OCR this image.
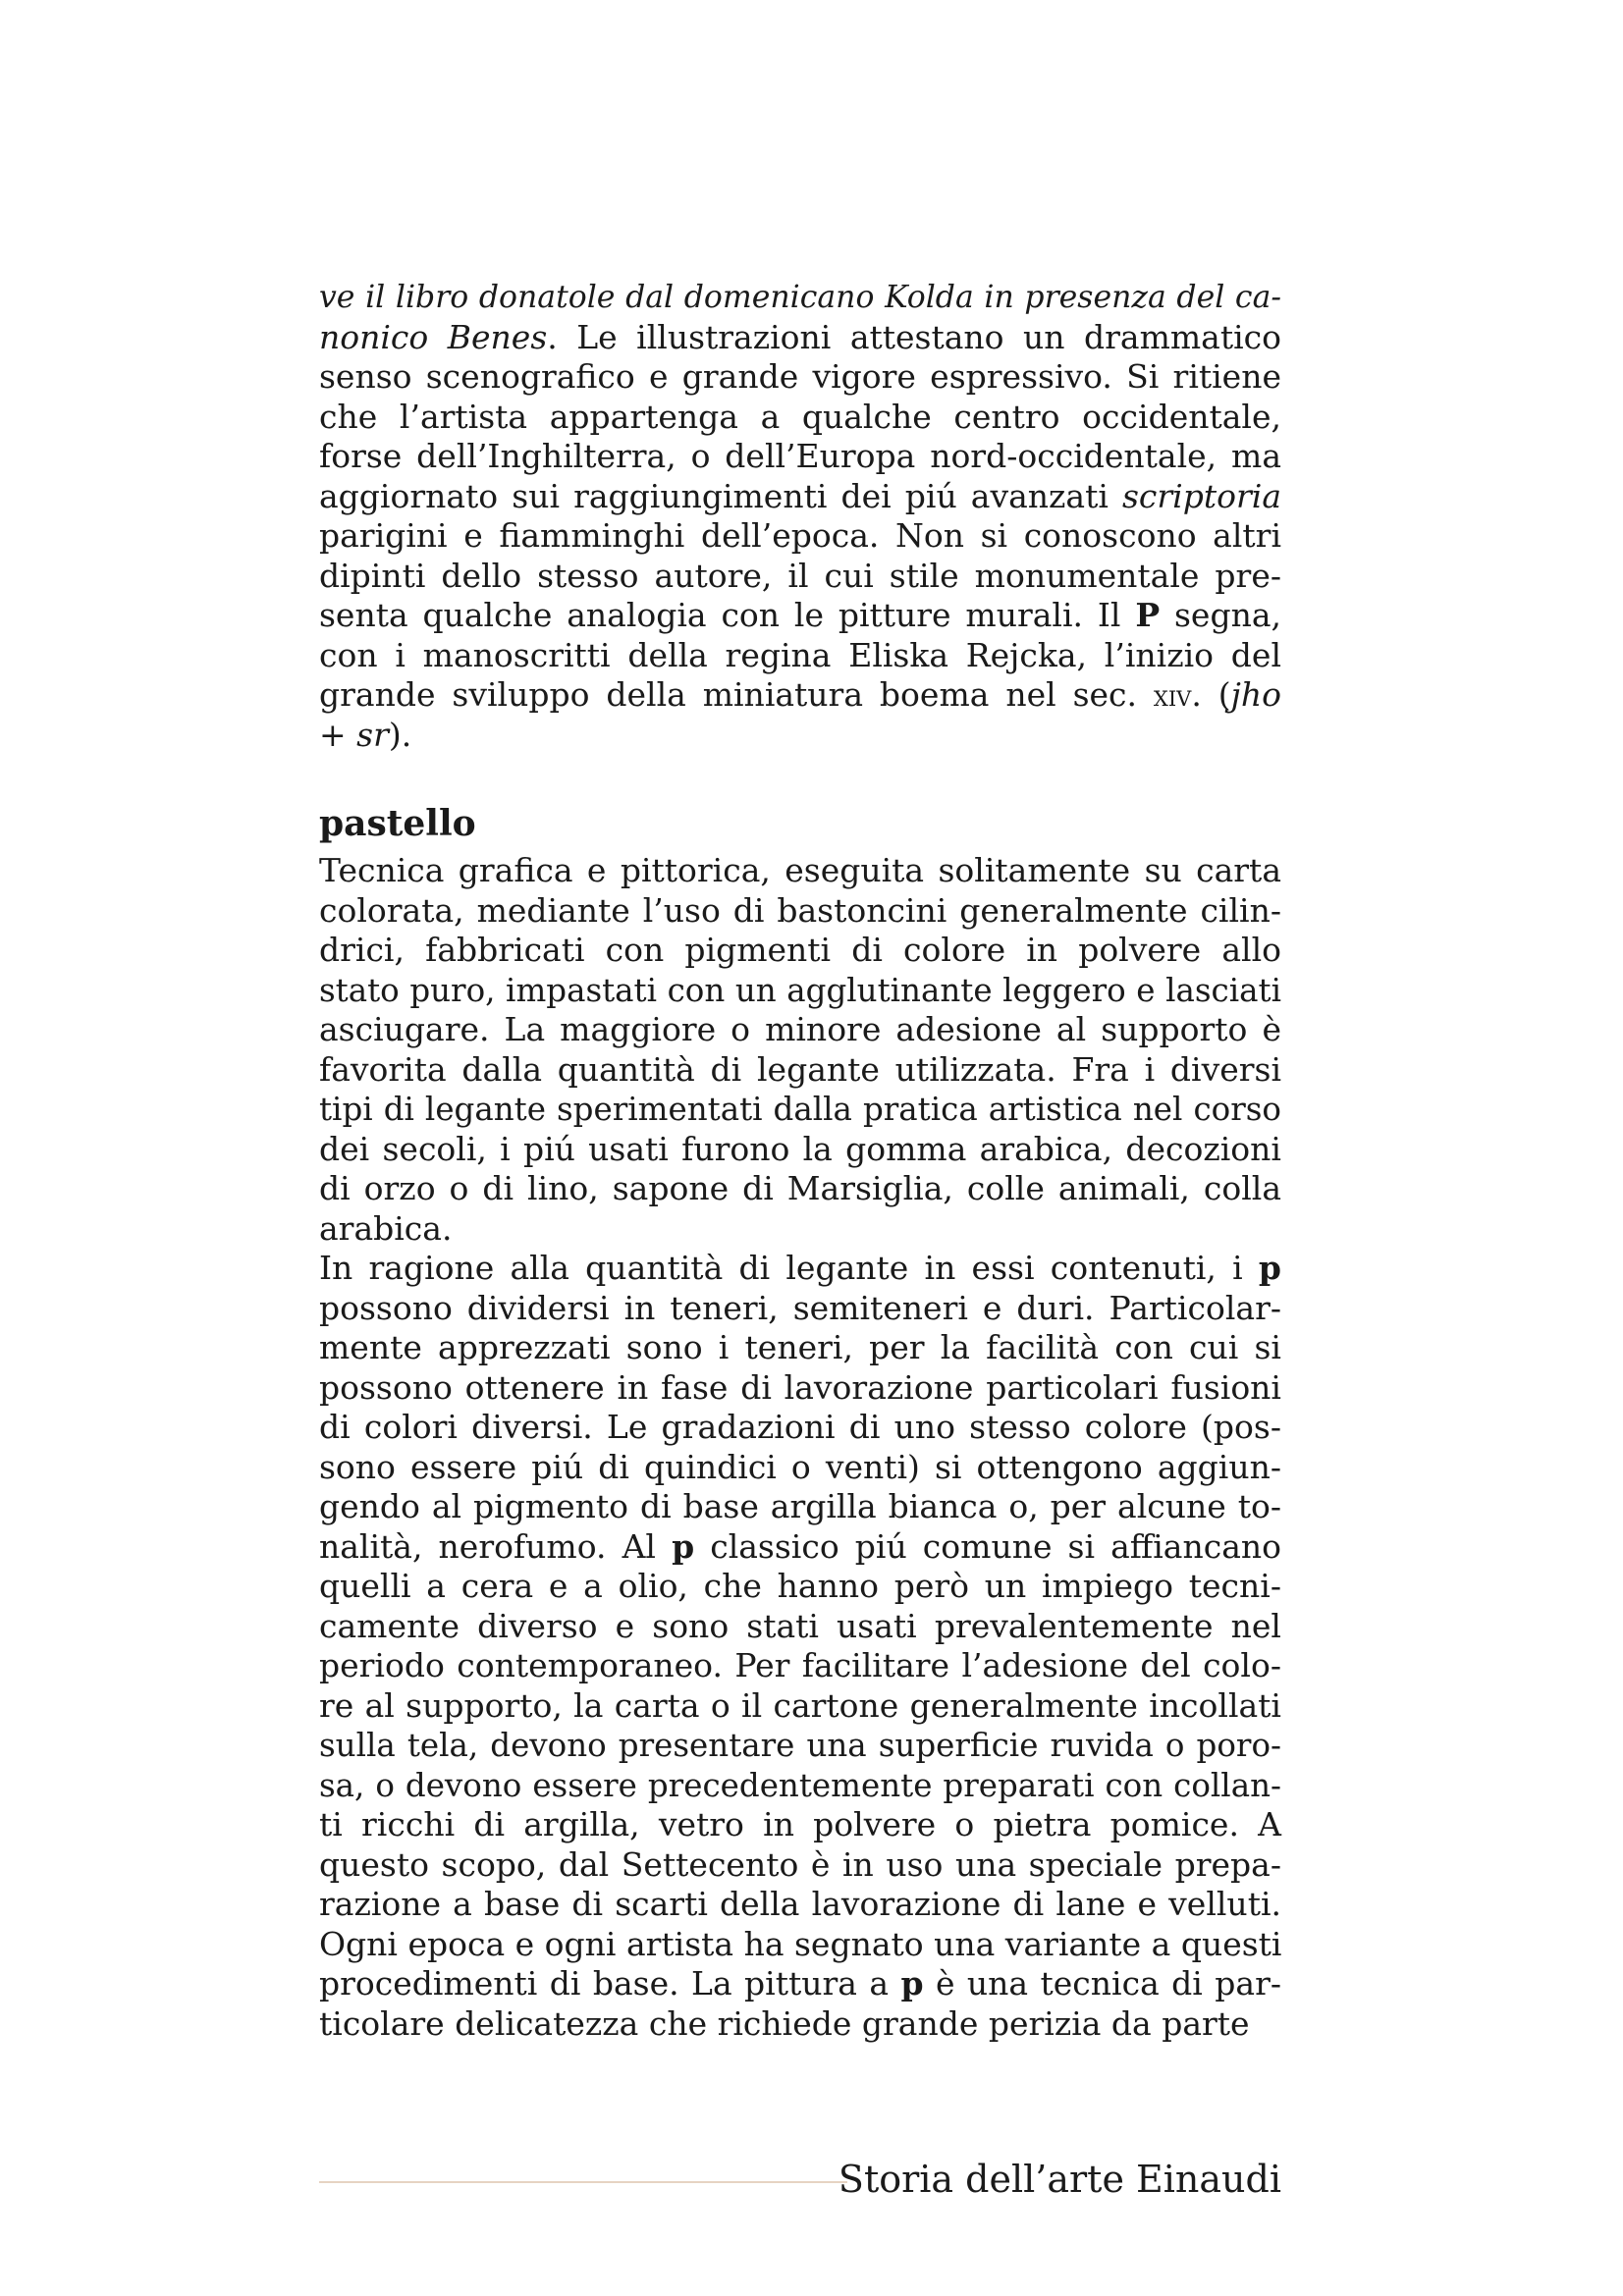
ve il libro donatole dal domenicano Kolda in presenza del ca-
nonico Benes. Le illustrazioni attestano un drammatico
senso scenografico e grande vigore espressivo. Si ritiene
che l’artista appartenga a qualche centro occidentale,
forse dell’Inghilterra, o dell’Europa nord-occidentale, ma
aggiornato sui raggiungimenti dei piú avanzati scriptoria
parigini e fiamminghi dell’epoca. Non si conoscono altri
dipinti dello stesso autore, il cui stile monumentale pre-
senta qualche analogia con le pitture murali. Il P segna,
con i manoscritti della regina Eliska Rejcka, l’inizio del
grande sviluppo della miniatura boema nel sec. xiv. (jho
+ sr).
pastello
Tecnica grafica e pittorica, eseguita solitamente su carta
colorata, mediante l’uso di bastoncini generalmente cilin-
drici, fabbricati con pigmenti di colore in polvere allo
stato puro, impastati con un agglutinante leggero e lasciati
asciugare. La maggiore o minore adesione al supporto è
favorita dalla quantità di legante utilizzata. Fra i diversi
tipi di legante sperimentati dalla pratica artistica nel corso
dei secoli, i piú usati furono la gomma arabica, decozioni
di orzo o di lino, sapone di Marsiglia, colle animali, colla
arabica.
In ragione alla quantità di legante in essi contenuti, i p
possono dividersi in teneri, semiteneri e duri. Particolar-
mente apprezzati sono i teneri, per la facilità con cui si
possono ottenere in fase di lavorazione particolari fusioni
di colori diversi. Le gradazioni di uno stesso colore (pos-
sono essere piú di quindici o venti) si ottengono aggiun-
gendo al pigmento di base argilla bianca o, per alcune to-
nalità, nerofumo. Al p classico piú comune si affiancano
quelli a cera e a olio, che hanno però un impiego tecni-
camente diverso e sono stati usati prevalentemente nel
periodo contemporaneo. Per facilitare l’adesione del colo-
re al supporto, la carta o il cartone generalmente incollati
sulla tela, devono presentare una superficie ruvida o poro-
sa, o devono essere precedentemente preparati con collan-
ti ricchi di argilla, vetro in polvere o pietra pomice. A
questo scopo, dal Settecento è in uso una speciale prepa-
razione a base di scarti della lavorazione di lane e velluti.
Ogni epoca e ogni artista ha segnato una variante a questi
procedimenti di base. La pittura a p è una tecnica di par-
ticolare delicatezza che richiede grande perizia da parte
Storia dell’arte Einaudi
